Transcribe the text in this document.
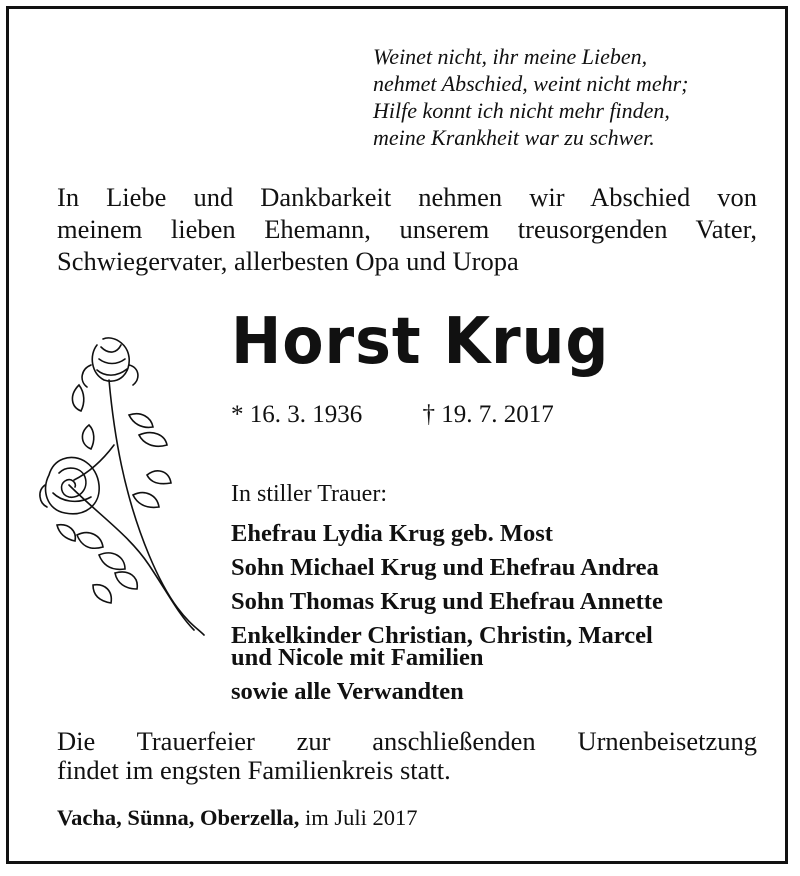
Weinet nicht, ihr meine Lieben,
nehmet Abschied, weint nicht mehr;
Hilfe konnt ich nicht mehr finden,
meine Krankheit war zu schwer.
In Liebe und Dankbarkeit nehmen wir Abschied von
meinem lieben Ehemann, unserem treusorgenden Vater,
Schwiegervater, allerbesten Opa und Uropa
Horst Krug
* 16. 3. 1936 † 19. 7. 2017
In stiller Trauer:
Ehefrau Lydia Krug geb. Most
Sohn Michael Krug und Ehefrau Andrea
Sohn Thomas Krug und Ehefrau Annette
Enkelkinder Christian, Christin, Marcel
und Nicole mit Familien
sowie alle Verwandten
Die Trauerfeier zur anschließenden Urnenbeisetzung
findet im engsten Familienkreis statt.
Vacha, Sünna, Oberzella, im Juli 2017
